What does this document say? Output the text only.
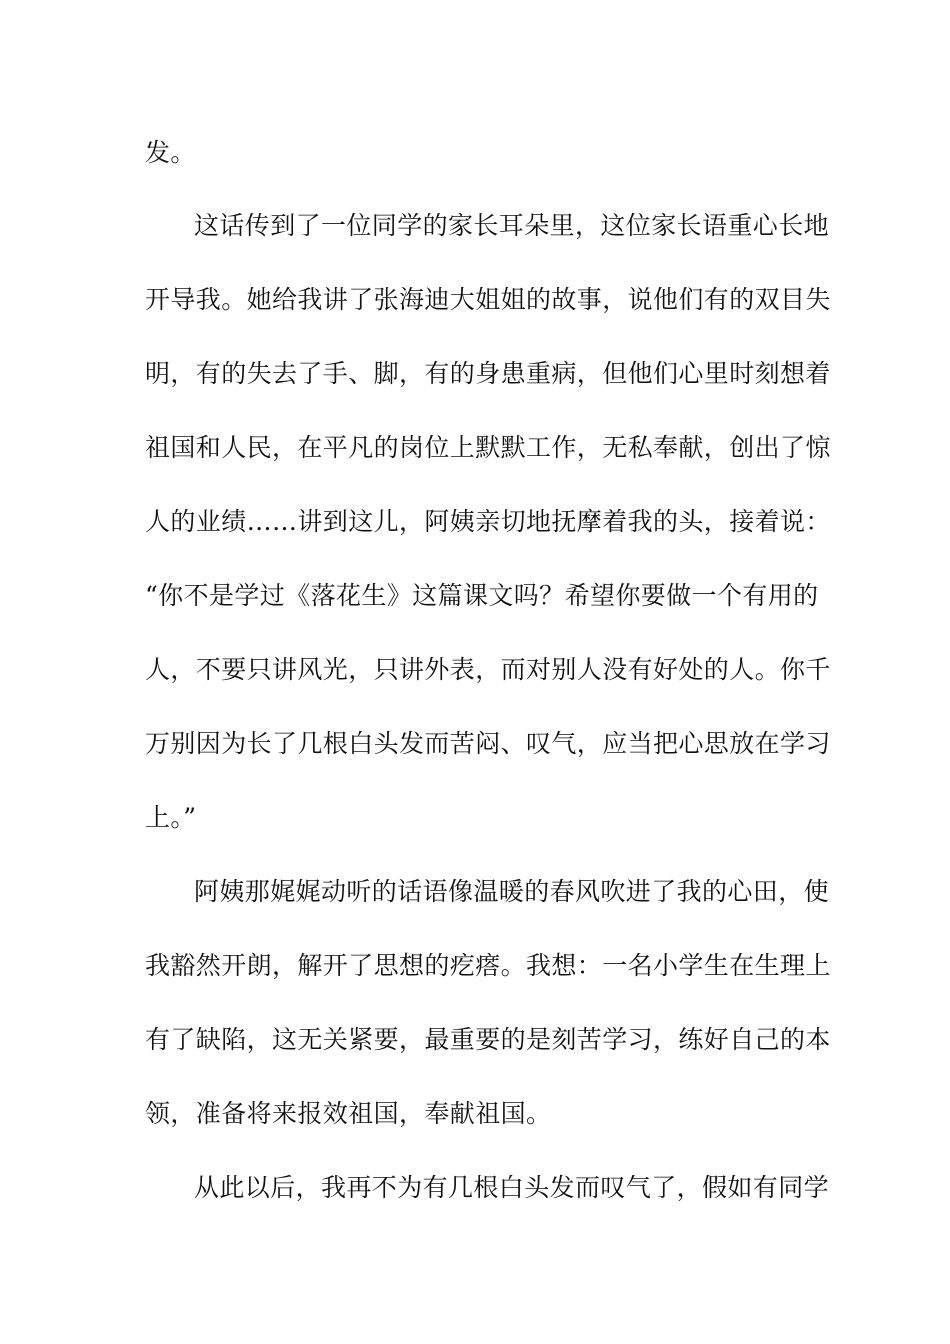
发。
这话传到了一位同学的家长耳朵里，这位家长语重心长地
开导我。她给我讲了张海迪大姐姐的故事，说他们有的双目失
明，有的失去了手、脚，有的身患重病，但他们心里时刻想着
祖国和人民，在平凡的岗位上默默工作，无私奉献，创出了惊
人的业绩……讲到这儿，阿姨亲切地抚摩着我的头，接着说：
“你不是学过《落花生》这篇课文吗？希望你要做一个有用的
人，不要只讲风光，只讲外表，而对别人没有好处的人。你千
万别因为长了几根白头发而苦闷、叹气，应当把心思放在学习
上。”
阿姨那娓娓动听的话语像温暖的春风吹进了我的心田，使
我豁然开朗，解开了思想的疙瘩。我想：一名小学生在生理上
有了缺陷，这无关紧要，最重要的是刻苦学习，练好自己的本
领，准备将来报效祖国，奉献祖国。
从此以后，我再不为有几根白头发而叹气了，假如有同学
